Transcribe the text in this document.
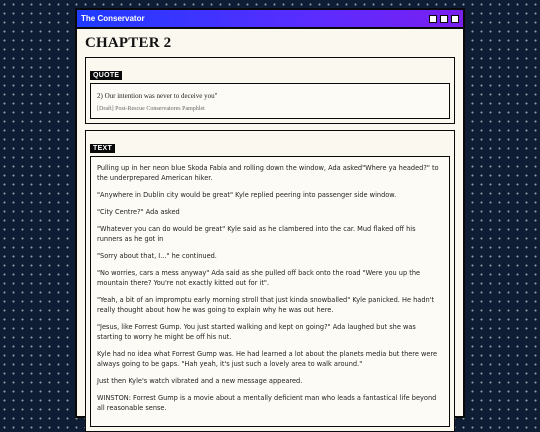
The Conservator
CHAPTER 2
QUOTE

2) Our intention was never to deceive you"

[Draft] Post-Rescue Conservatores Pamphlet

TEXT

Pulling up in her neon blue Skoda Fabia and rolling down the window, Ada asked"Where ya headed?" to the underprepared American hiker.

"Anywhere in Dublin city would be great" Kyle replied peering into passenger side window.

"City Centre?" Ada asked

"Whatever you can do would be great" Kyle said as he clambered into the car. Mud flaked off his runners as he got in

"Sorry about that, I..." he continued.

"No worries, cars a mess anyway" Ada said as she pulled off back onto the road "Were you up the mountain there? You're not exactly kitted out for it".

"Yeah, a bit of an impromptu early morning stroll that just kinda snowballed" Kyle panicked. He hadn't really thought about how he was going to explain why he was out here.

"Jesus, like Forrest Gump. You just started walking and kept on going?" Ada laughed but she was starting to worry he might be off his nut.

Kyle had no idea what Forrest Gump was. He had learned a lot about the planets media but there were always going to be gaps. "Hah yeah, it's just such a lovely area to walk around."

Just then Kyle's watch vibrated and a new message appeared.

WINSTON: Forrest Gump is a movie about a mentally deficient man who leads a fantastical life beyond all reasonable sense.
